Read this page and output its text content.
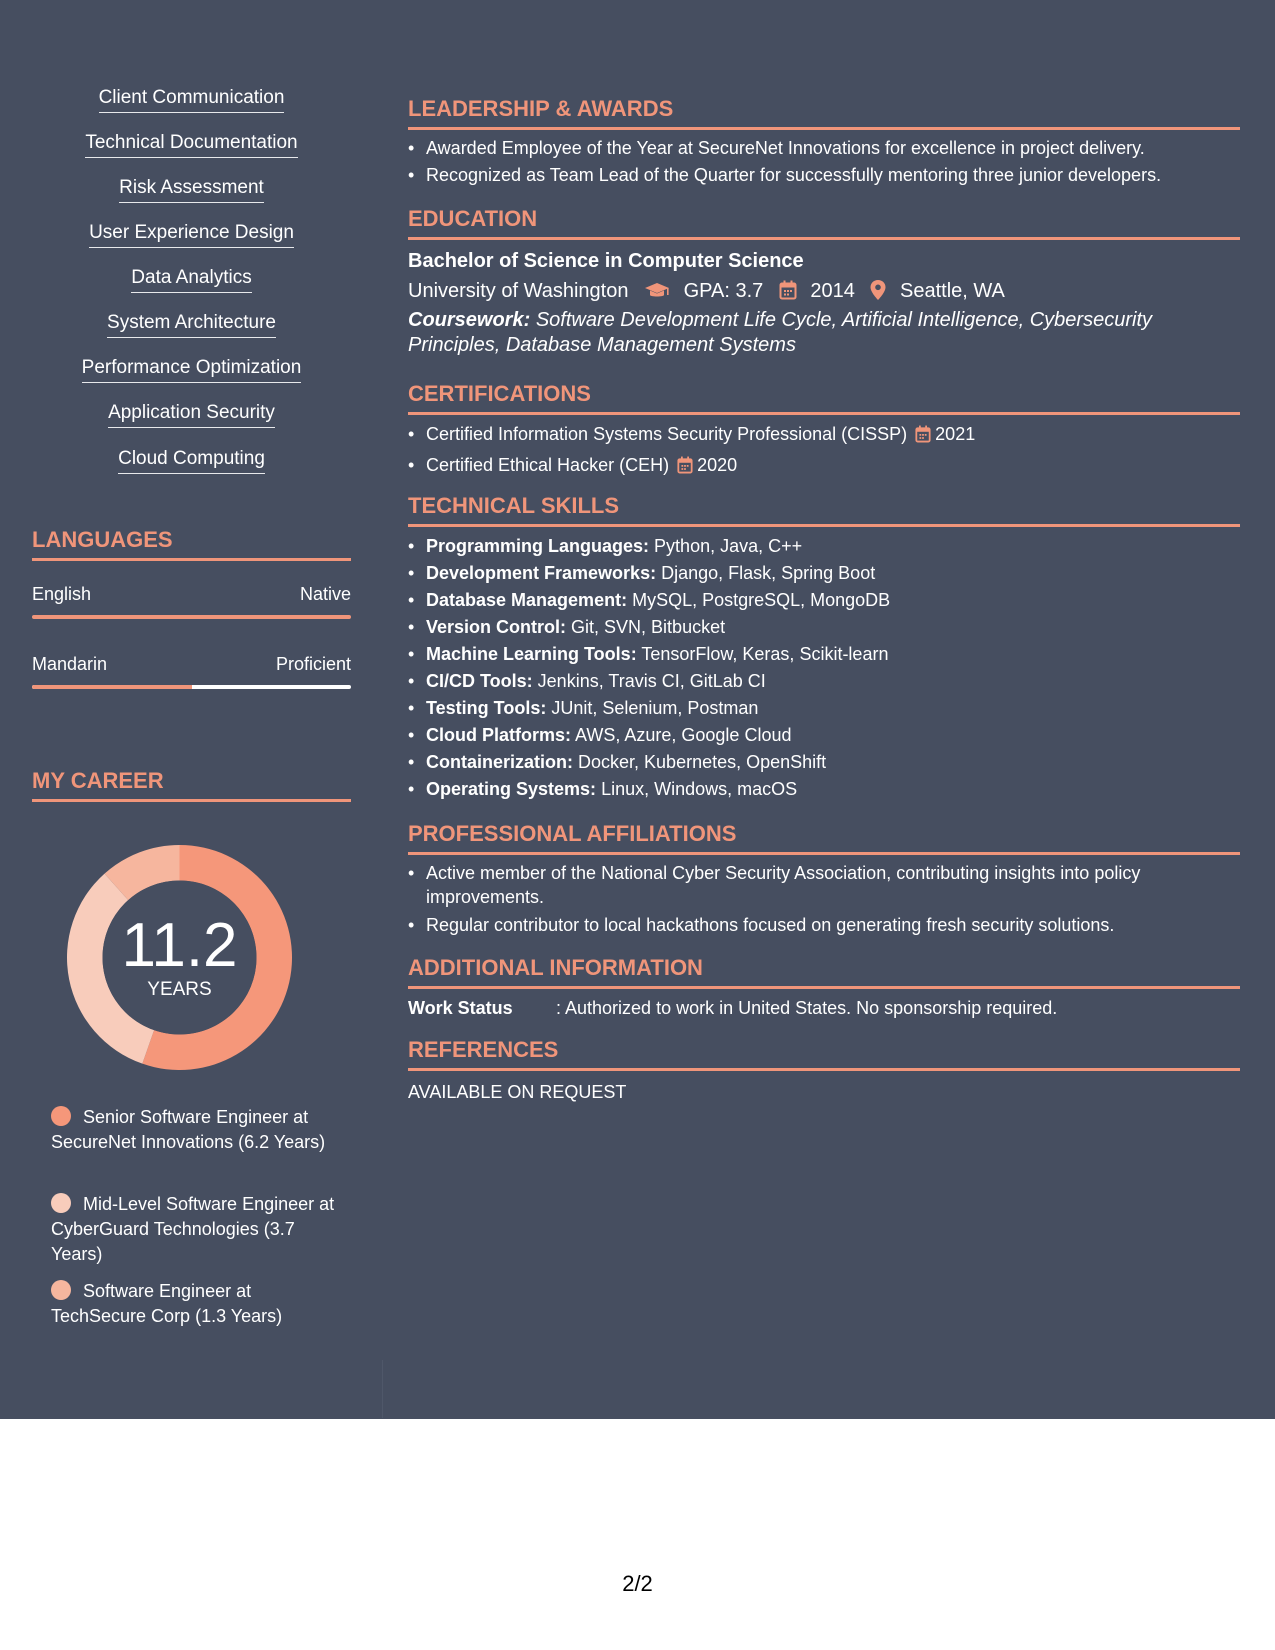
Client Communication
Technical Documentation
Risk Assessment
User Experience Design
Data Analytics
System Architecture
Performance Optimization
Application Security
Cloud Computing
LANGUAGES
English	Native
Mandarin	Proficient
MY CAREER
11.2
YEARS
Senior Software Engineer at SecureNet Innovations (6.2 Years)
Mid-Level Software Engineer at CyberGuard Technologies (3.7 Years)
Software Engineer at TechSecure Corp (1.3 Years)
LEADERSHIP & AWARDS
• Awarded Employee of the Year at SecureNet Innovations for excellence in project delivery.
• Recognized as Team Lead of the Quarter for successfully mentoring three junior developers.
EDUCATION
Bachelor of Science in Computer Science
University of Washington	GPA: 3.7 2014 Seattle, WA
Coursework: Software Development Life Cycle, Artificial Intelligence, Cybersecurity Principles, Database Management Systems
CERTIFICATIONS
• Certified Information Systems Security Professional (CISSP) 2021
• Certified Ethical Hacker (CEH) 2020
TECHNICAL SKILLS
• Programming Languages: Python, Java, C++
• Development Frameworks: Django, Flask, Spring Boot
• Database Management: MySQL, PostgreSQL, MongoDB
• Version Control: Git, SVN, Bitbucket
• Machine Learning Tools: TensorFlow, Keras, Scikit-learn
• CI/CD Tools: Jenkins, Travis CI, GitLab CI
• Testing Tools: JUnit, Selenium, Postman
• Cloud Platforms: AWS, Azure, Google Cloud
• Containerization: Docker, Kubernetes, OpenShift
• Operating Systems: Linux, Windows, macOS
PROFESSIONAL AFFILIATIONS
• Active member of the National Cyber Security Association, contributing insights into policy improvements.
• Regular contributor to local hackathons focused on generating fresh security solutions.
ADDITIONAL INFORMATION
Work Status : Authorized to work in United States. No sponsorship required.
REFERENCES
AVAILABLE ON REQUEST
2/2
